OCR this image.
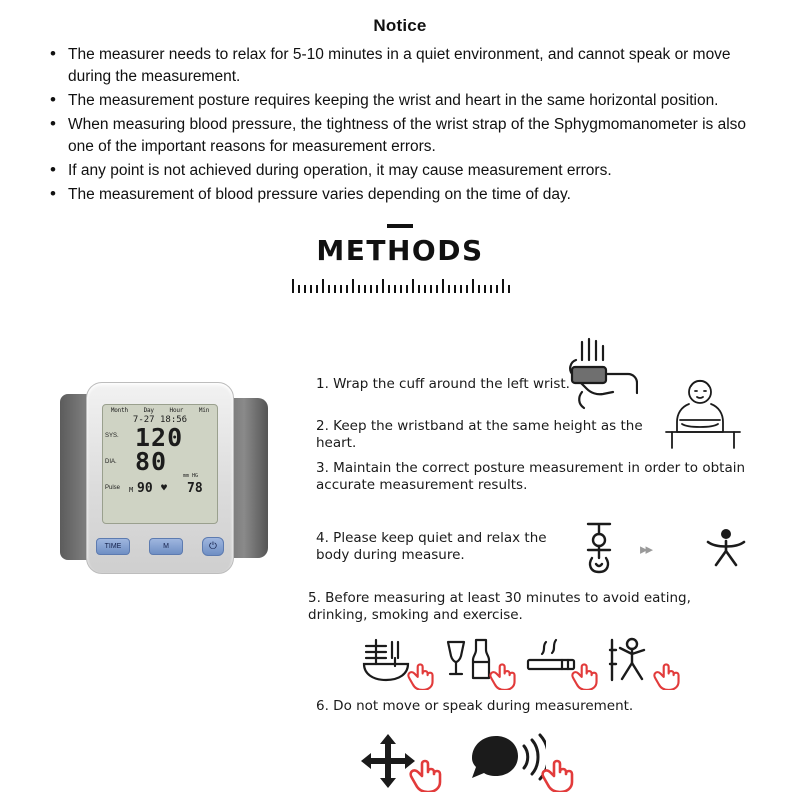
Notice
• The measurer needs to relax for 5-10 minutes in a quiet environment, and cannot speak or move during the measurement.
• The measurement posture requires keeping the wrist and heart in the same horizontal position.
• When measuring blood pressure, the tightness of the wrist strap of the Sphygmomanometer is also one of the important reasons for measurement errors.
• If any point is not achieved during operation, it may cause measurement errors.
• The measurement of blood pressure varies depending on the time of day.
METHODS
Month	Day	Hour	Min
7-27 18:56
SYS. 120
DIA. 80
Pulse M 90 ♥
mm HG
78
TIME	M	⏻
1. Wrap the cuff around the left wrist.
2. Keep the wristband at the same height as the heart.
3. Maintain the correct posture measurement in order to obtain accurate measurement results.
4. Please keep quiet and relax the body during measure.
5. Before measuring at least 30 minutes to avoid eating, drinking, smoking and exercise.
6. Do not move or speak during measurement.
▸▸
